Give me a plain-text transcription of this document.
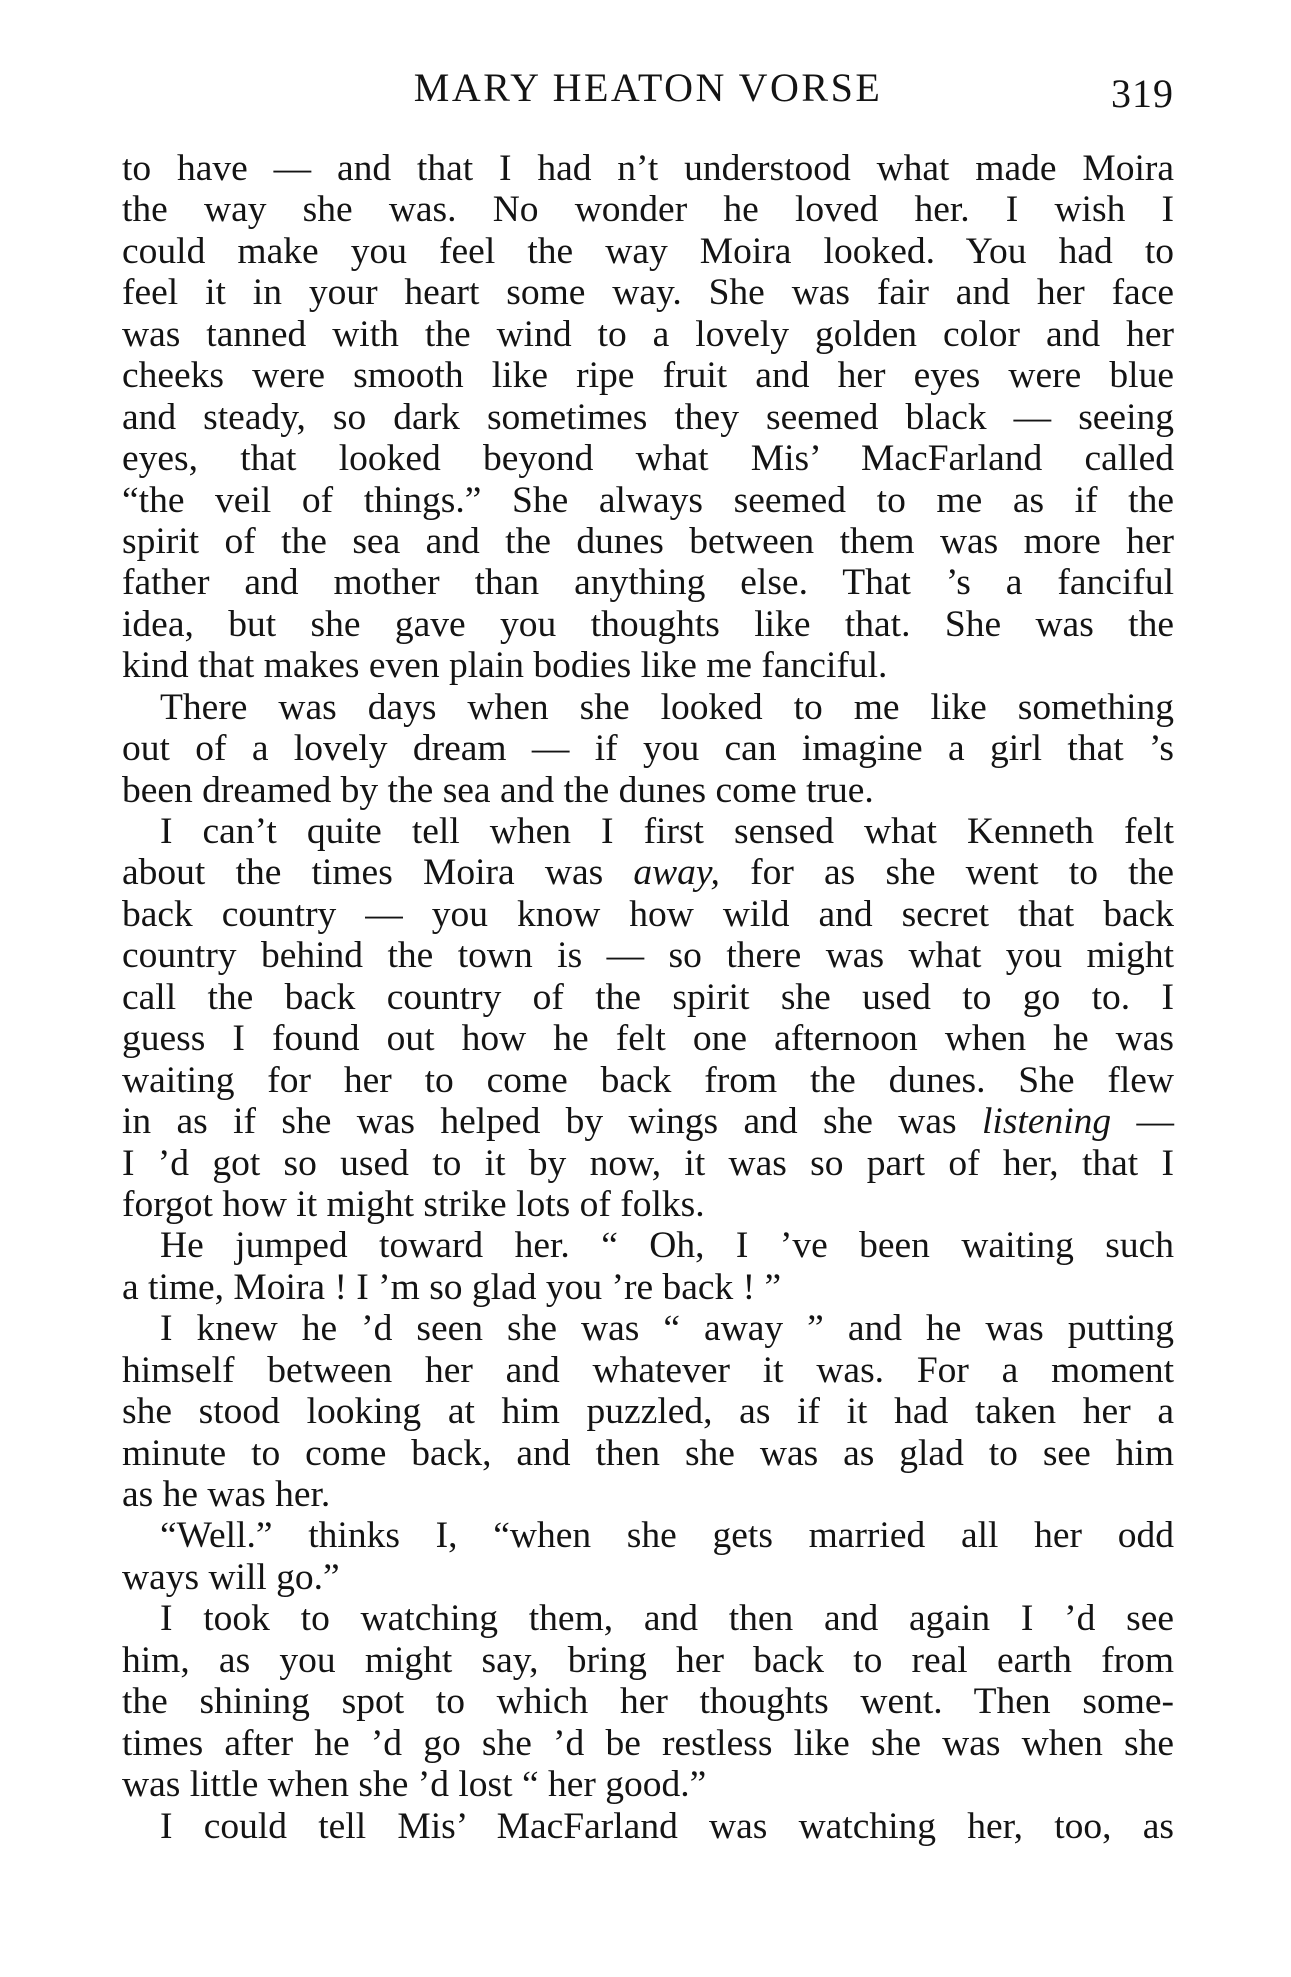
MARY HEATON VORSE	319
to have — and that I had n’t understood what made Moira
the way she was. No wonder he loved her. I wish I
could make you feel the way Moira looked. You had to
feel it in your heart some way. She was fair and her face
was tanned with the wind to a lovely golden color and her
cheeks were smooth like ripe fruit and her eyes were blue
and steady, so dark sometimes they seemed black — seeing
eyes, that looked beyond what Mis’ MacFarland called
“the veil of things.” She always seemed to me as if the
spirit of the sea and the dunes between them was more her
father and mother than anything else. That ’s a fanciful
idea, but she gave you thoughts like that. She was the
kind that makes even plain bodies like me fanciful.
There was days when she looked to me like something
out of a lovely dream — if you can imagine a girl that ’s
been dreamed by the sea and the dunes come true.
I can’t quite tell when I first sensed what Kenneth felt
about the times Moira was away, for as she went to the
back country — you know how wild and secret that back
country behind the town is — so there was what you might
call the back country of the spirit she used to go to. I
guess I found out how he felt one afternoon when he was
waiting for her to come back from the dunes. She flew
in as if she was helped by wings and she was listening —
I ’d got so used to it by now, it was so part of her, that I
forgot how it might strike lots of folks.
He jumped toward her. “ Oh, I ’ve been waiting such
a time, Moira ! I ’m so glad you ’re back ! ”
I knew he ’d seen she was “ away ” and he was putting
himself between her and whatever it was. For a moment
she stood looking at him puzzled, as if it had taken her a
minute to come back, and then she was as glad to see him
as he was her.
“Well.” thinks I, “when she gets married all her odd
ways will go.”
I took to watching them, and then and again I ’d see
him, as you might say, bring her back to real earth from
the shining spot to which her thoughts went. Then some-
times after he ’d go she ’d be restless like she was when she
was little when she ’d lost “ her good.”
I could tell Mis’ MacFarland was watching her, too, as
